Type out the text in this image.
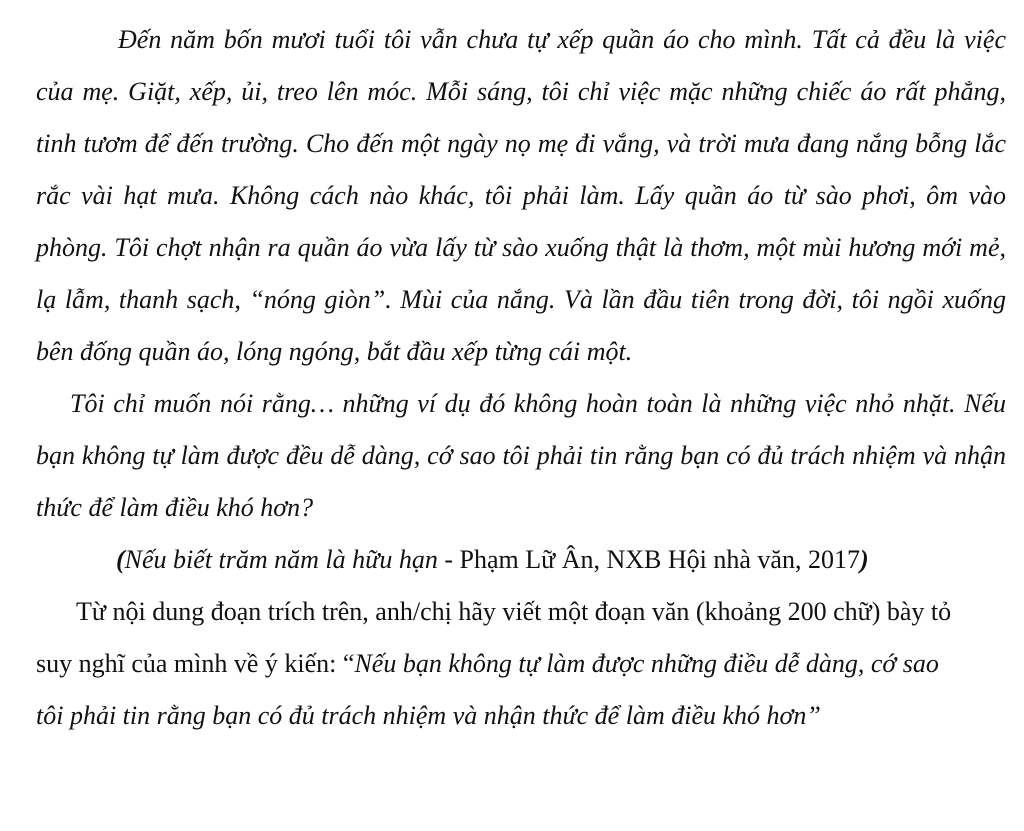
Đến năm bốn mươi tuổi tôi vẫn chưa tự xếp quần áo cho mình. Tất cả đều là việc của mẹ. Giặt, xếp, ủi, treo lên móc. Mỗi sáng, tôi chỉ việc mặc những chiếc áo rất phẳng, tinh tươm để đến trường. Cho đến một ngày nọ mẹ đi vắng, và trời mưa đang nắng bỗng lắc rắc vài hạt mưa. Không cách nào khác, tôi phải làm. Lấy quần áo từ sào phơi, ôm vào phòng. Tôi chợt nhận ra quần áo vừa lấy từ sào xuống thật là thơm, một mùi hương mới mẻ, lạ lẫm, thanh sạch, “nóng giòn”. Mùi của nắng. Và lần đầu tiên trong đời, tôi ngồi xuống bên đống quần áo, lóng ngóng, bắt đầu xếp từng cái một.

Tôi chỉ muốn nói rằng… những ví dụ đó không hoàn toàn là những việc nhỏ nhặt. Nếu bạn không tự làm được đều dễ dàng, cớ sao tôi phải tin rằng bạn có đủ trách nhiệm và nhận thức để làm điều khó hơn?

(Nếu biết trăm năm là hữu hạn - Phạm Lữ Ân, NXB Hội nhà văn, 2017)

Từ nội dung đoạn trích trên, anh/chị hãy viết một đoạn văn (khoảng 200 chữ) bày tỏ suy nghĩ của mình về ý kiến: “Nếu bạn không tự làm được những điều dễ dàng, cớ sao tôi phải tin rằng bạn có đủ trách nhiệm và nhận thức để làm điều khó hơn”
